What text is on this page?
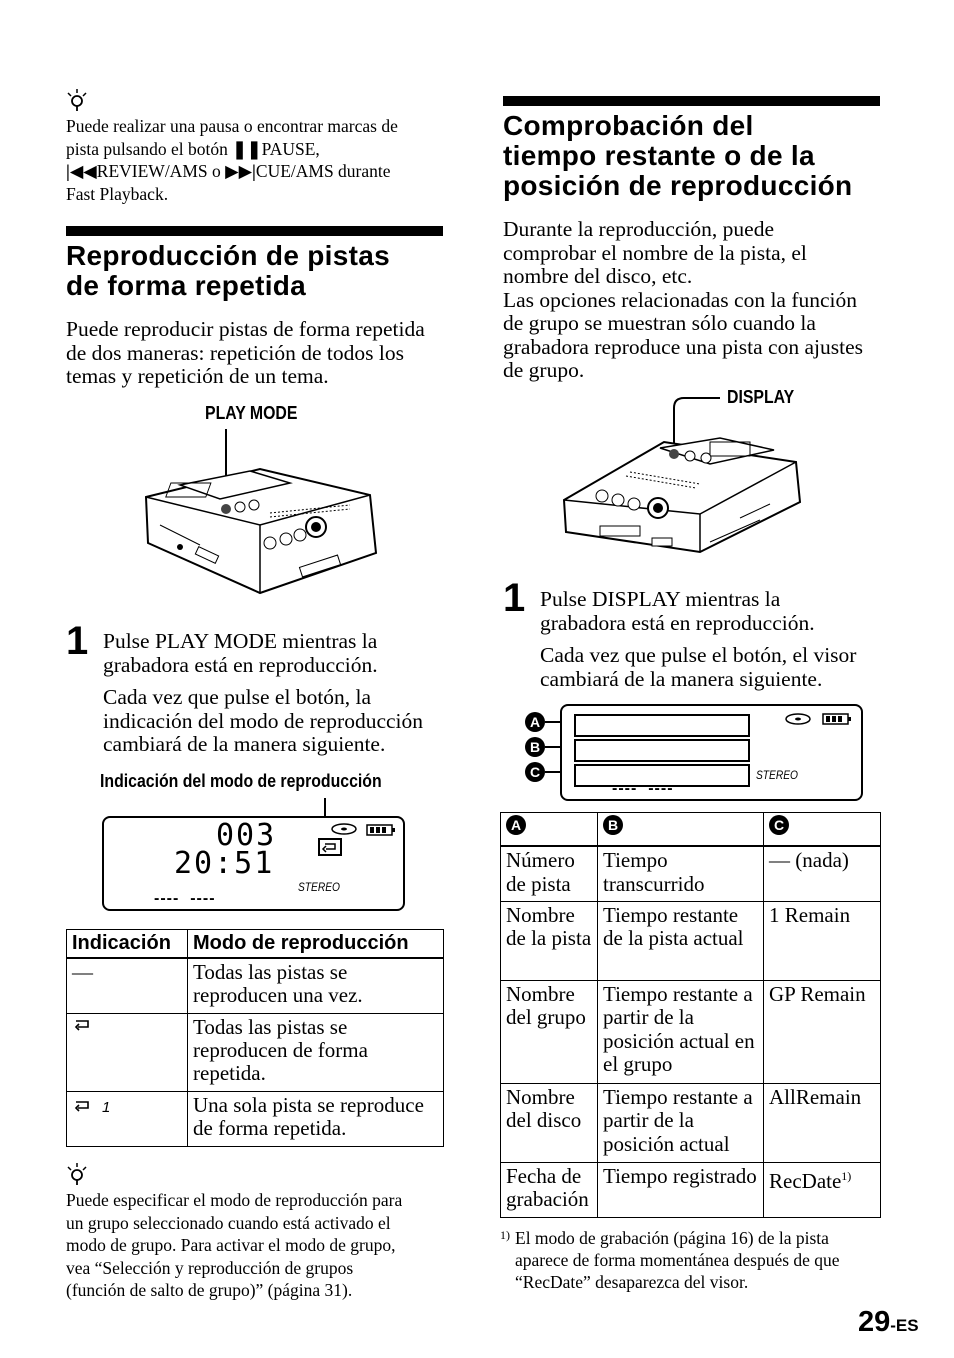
Puede realizar una pausa o encontrar marcas de
pista pulsando el botón ❚❚PAUSE,
|◀◀REVIEW/AMS o ▶▶|CUE/AMS durante
Fast Playback.
Reproducción de pistas
de forma repetida
Puede reproducir pistas de forma repetida
de dos maneras: repetición de todos los
temas y repetición de un tema.
PLAY MODE
1 Pulse PLAY MODE mientras la
grabadora está en reproducción.
Cada vez que pulse el botón, la
indicación del modo de reproducción
cambiará de la manera siguiente.
Indicación del modo de reproducción
003
20:51
STEREO
----  ----
Indicación	Modo de reproducción
—	Todas las pistas se reproducen una vez.
	Todas las pistas se reproducen de forma repetida.
1	Una sola pista se reproduce de forma repetida.
Puede especificar el modo de reproducción para
un grupo seleccionado cuando está activado el
modo de grupo. Para activar el modo de grupo,
vea “Selección y reproducción de grupos
(función de salto de grupo)” (página 31).
Comprobación del
tiempo restante o de la
posición de reproducción
Durante la reproducción, puede
comprobar el nombre de la pista, el
nombre del disco, etc.
Las opciones relacionadas con la función
de grupo se muestran sólo cuando la
grabadora reproduce una pista con ajustes
de grupo.
DISPLAY
1 Pulse DISPLAY mientras la
grabadora está en reproducción.
Cada vez que pulse el botón, el visor
cambiará de la manera siguiente.
A
B
C	STEREO
----  ----
A	B	C
Número de pista	Tiempo transcurrido	— (nada)
Nombre de la pista	Tiempo restante de la pista actual	1 Remain
Nombre del grupo	Tiempo restante a partir de la posición actual en el grupo	GP Remain
Nombre del disco	Tiempo restante a partir de la posición actual	AllRemain
Fecha de grabación	Tiempo registrado	RecDate$^{1)}$
1) El modo de grabación (página 16) de la pista
aparece de forma momentánea después de que
“RecDate” desaparezca del visor.
29-ES
